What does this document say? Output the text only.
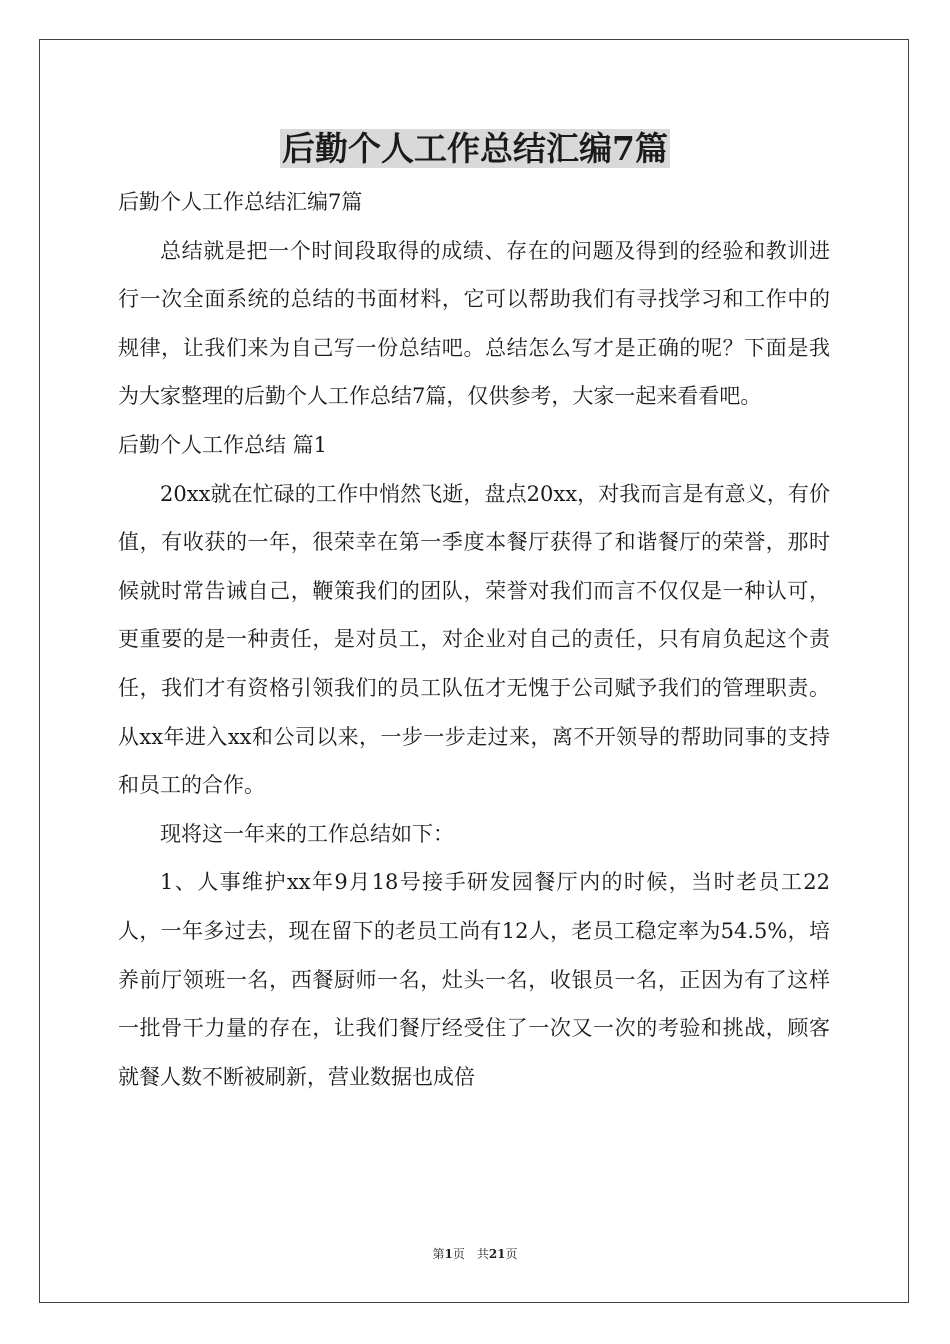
后勤个人工作总结汇编7篇

后勤个人工作总结汇编7篇

总结就是把一个时间段取得的成绩、存在的问题及得到的经验和教训进行一次全面系统的总结的书面材料，它可以帮助我们有寻找学习和工作中的规律，让我们来为自己写一份总结吧。总结怎么写才是正确的呢？下面是我为大家整理的后勤个人工作总结7篇，仅供参考，大家一起来看看吧。

后勤个人工作总结 篇1

20xx就在忙碌的工作中悄然飞逝，盘点20xx，对我而言是有意义，有价值，有收获的一年，很荣幸在第一季度本餐厅获得了和谐餐厅的荣誉，那时候就时常告诫自己，鞭策我们的团队，荣誉对我们而言不仅仅是一种认可，更重要的是一种责任，是对员工，对企业对自己的责任，只有肩负起这个责任，我们才有资格引领我们的员工队伍才无愧于公司赋予我们的管理职责。从xx年进入xx和公司以来，一步一步走过来，离不开领导的帮助同事的支持和员工的合作。

现将这一年来的工作总结如下：

1、人事维护xx年9月18号接手研发园餐厅内的时候，当时老员工22人，一年多过去，现在留下的老员工尚有12人，老员工稳定率为54.5%，培养前厅领班一名，西餐厨师一名，灶头一名，收银员一名，正因为有了这样一批骨干力量的存在，让我们餐厅经受住了一次又一次的考验和挑战，顾客就餐人数不断被刷新，营业数据也成倍

第1页　共21页
